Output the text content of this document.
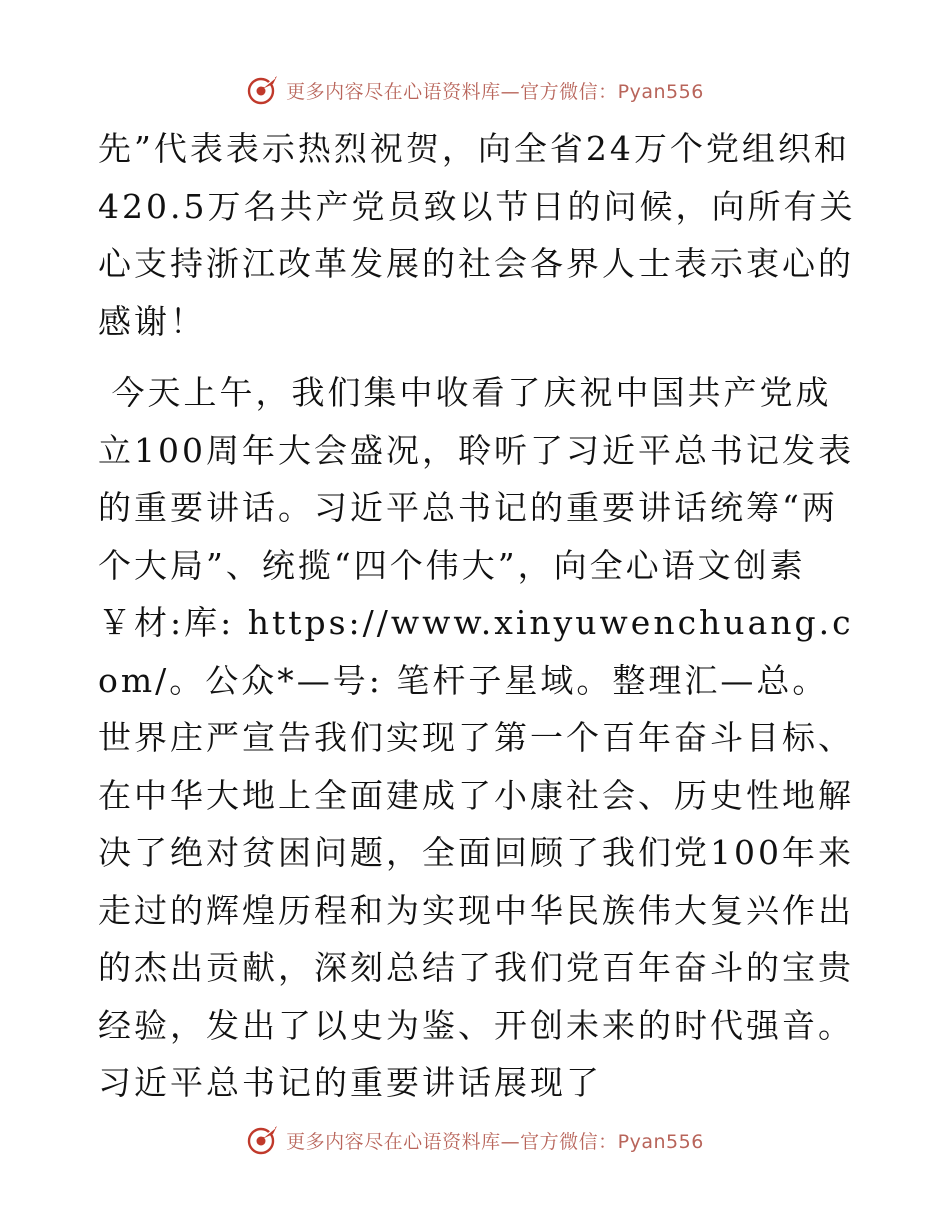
更多内容尽在心语资料库—官方微信：Pyan556

先”代表表示热烈祝贺，向全省24万个党组织和420.5万名共产党员致以节日的问候，向所有关心支持浙江改革发展的社会各界人士表示衷心的感谢！

今天上午，我们集中收看了庆祝中国共产党成立100周年大会盛况，聆听了习近平总书记发表的重要讲话。习近平总书记的重要讲话统筹“两个大局”、统揽“四个伟大”，向全心语文创素￥材:库: https://www.xinyuwenchuang.com/。公众*—号: 笔杆子星域。整理汇—总。世界庄严宣告我们实现了第一个百年奋斗目标、在中华大地上全面建成了小康社会、历史性地解决了绝对贫困问题，全面回顾了我们党100年来走过的辉煌历程和为实现中华民族伟大复兴作出的杰出贡献，深刻总结了我们党百年奋斗的宝贵经验，发出了以史为鉴、开创未来的时代强音。习近平总书记的重要讲话展现了

更多内容尽在心语资料库—官方微信：Pyan556
